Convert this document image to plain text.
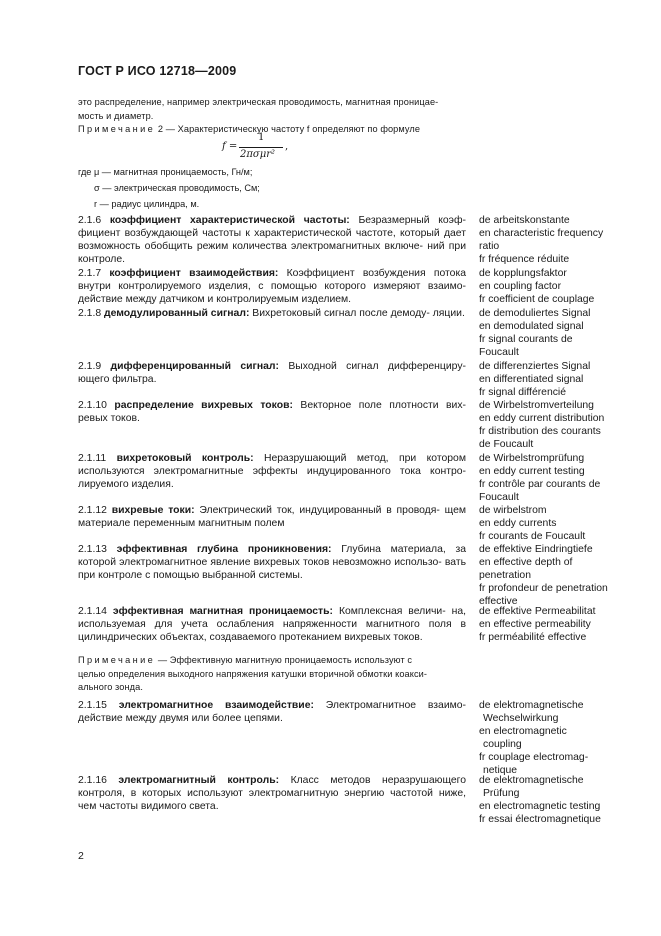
ГОСТ Р ИСО 12718—2009
это распределение, например электрическая проводимость, магнитная проницае-
мость и диаметр.
Примечание 2 — Характеристическую частоту f определяют по формуле
f =
1
2πσμr²
,
где μ — магнитная проницаемость, Гн/м;
σ — электрическая проводимость, См;
r — радиус цилиндра, м.
2.1.6 коэффициент характеристической частоты: Безразмерный коэф- фициент возбуждающей частоты к характеристической частоте, который дает возможность обобщить режим количества электромагнитных включе- ний при контроле.
de arbeitskonstante
en characteristic frequency
ratio
fr fréquence réduite
2.1.7 коэффициент взаимодействия: Коэффициент возбуждения потока внутри контролируемого изделия, с помощью которого измеряют взаимо- действие между датчиком и контролируемым изделием.
de kopplungsfaktor
en coupling factor
fr coefficient de couplage
2.1.8 демодулированный сигнал: Вихретоковый сигнал после демоду- ляции. de demoduliertes Signal
en demodulated signal
fr signal courants de
Foucault
2.1.9 дифференцированный сигнал: Выходной сигнал дифференциру- ющего фильтра.
de differenziertes Signal
en differentiated signal
fr signal différencié
2.1.10 распределение вихревых токов: Векторное поле плотности вих- ревых токов.
de Wirbelstromverteilung
en eddy current distribution
fr distribution des courants
de Foucault
2.1.11 вихретоковый контроль: Неразрушающий метод, при котором используются электромагнитные эффекты индуцированного тока контро- лируемого изделия.
de Wirbelstromprüfung
en eddy current testing
fr contrôle par courants de
Foucault
2.1.12 вихревые токи: Электрический ток, индуцированный в проводя- щем материале переменным магнитным полем
de wirbelstrom
en eddy currents
fr courants de Foucault
2.1.13 эффективная глубина проникновения: Глубина материала, за которой электромагнитное явление вихревых токов невозможно использо- вать при контроле с помощью выбранной системы.
de effektive Eindringtiefe
en effective depth of
penetration
fr profondeur de penetration
effective
2.1.14 эффективная магнитная проницаемость: Комплексная величи- на, используемая для учета ослабления напряженности магнитного поля в цилиндрических объектах, создаваемого протеканием вихревых токов.
de effektive Permeabilitat
en effective permeability
fr perméabilité effective
Примечание — Эффективную магнитную проницаемость используют с
целью определения выходного напряжения катушки вторичной обмотки коакси-
ального зонда.
2.1.15 электромагнитное взаимодействие: Электромагнитное взаимо- действие между двумя или более цепями.
de elektromagnetische
Wechselwirkung
en electromagnetic
coupling
fr couplage electromag-
netique
2.1.16 электромагнитный контроль: Класс методов неразрушающего контроля, в которых используют электромагнитную энергию частотой ниже, чем частоты видимого света.
de elektromagnetische
Prüfung
en electromagnetic testing
fr essai électromagnetique
2
